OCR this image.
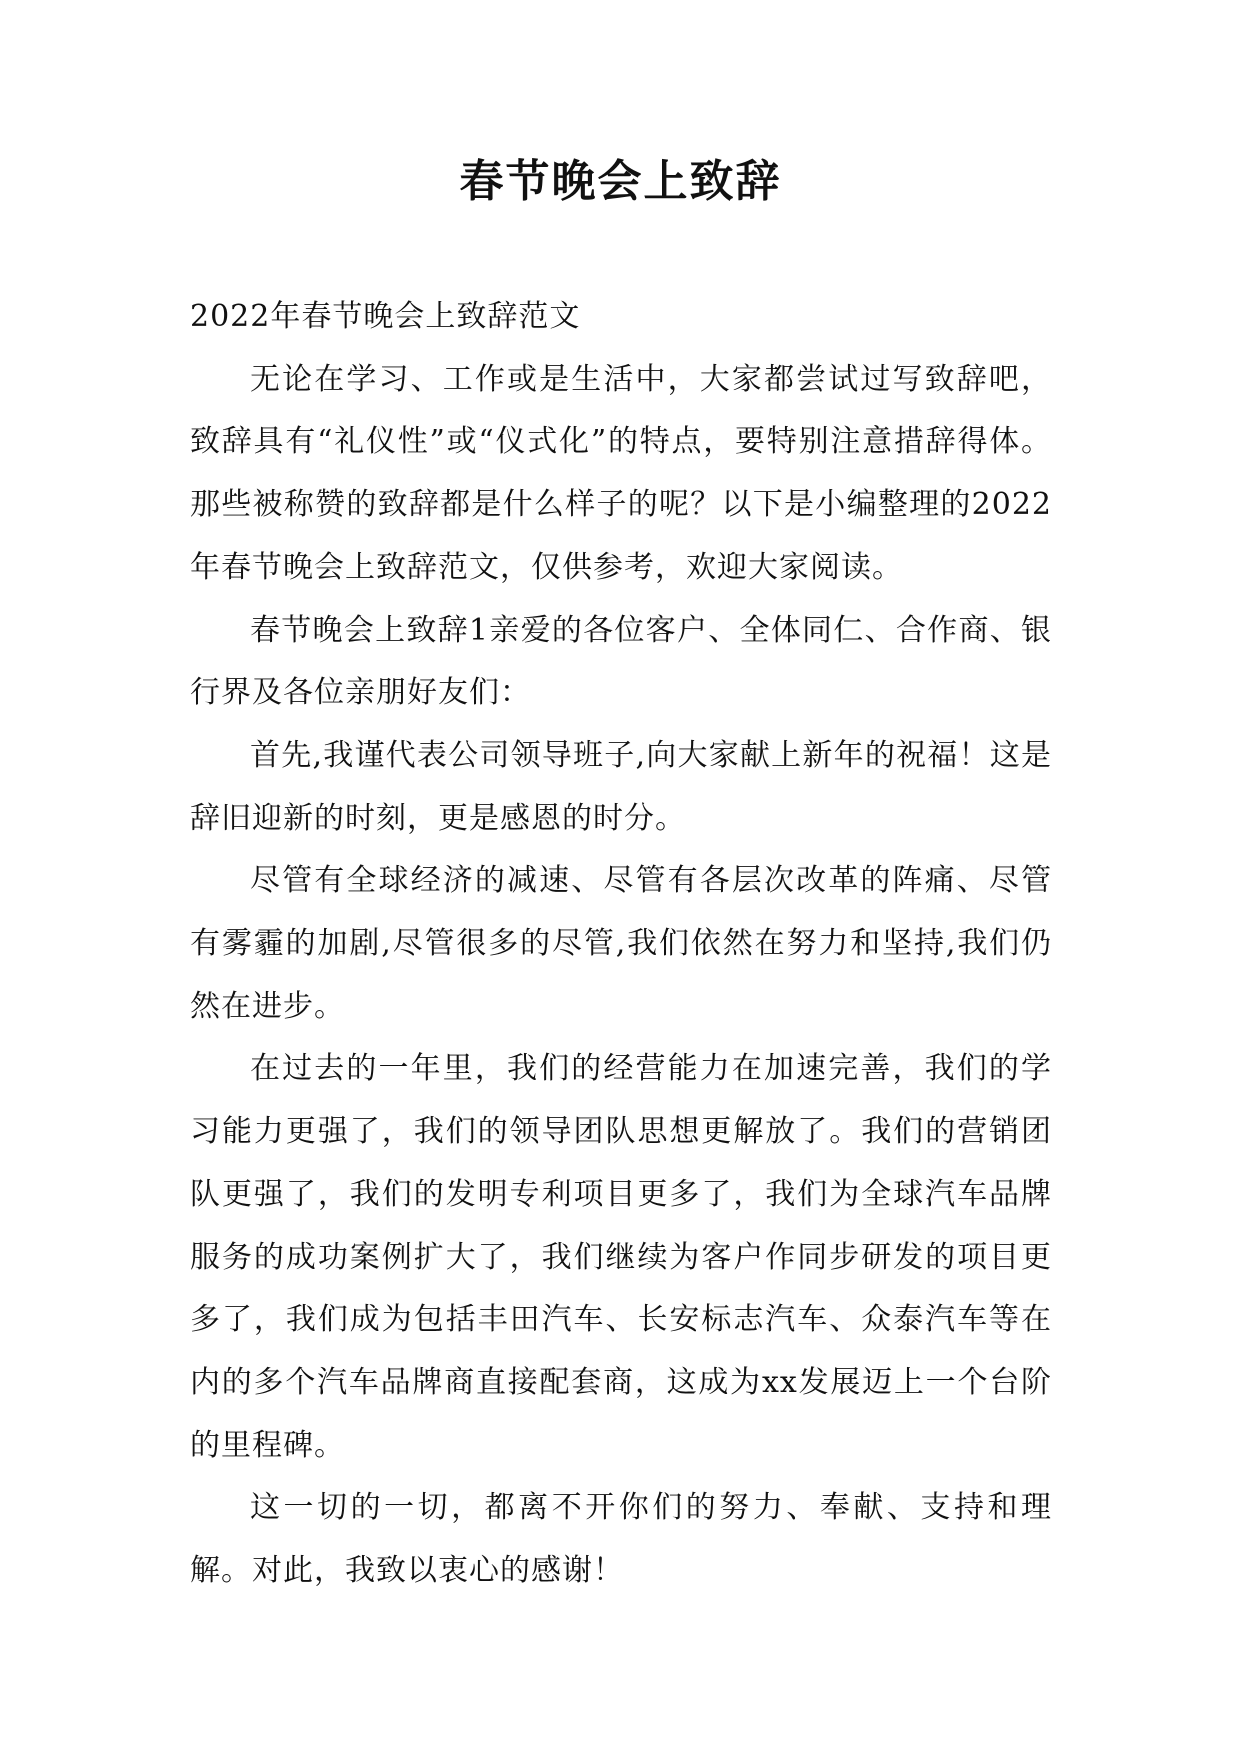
春节晚会上致辞

2022年春节晚会上致辞范文

无论在学习、工作或是生活中，大家都尝试过写致辞吧，致辞具有“礼仪性”或“仪式化”的特点，要特别注意措辞得体。那些被称赞的致辞都是什么样子的呢？以下是小编整理的2022年春节晚会上致辞范文，仅供参考，欢迎大家阅读。

春节晚会上致辞1亲爱的各位客户、全体同仁、合作商、银行界及各位亲朋好友们：

首先,我谨代表公司领导班子,向大家献上新年的祝福！这是辞旧迎新的时刻，更是感恩的时分。

尽管有全球经济的减速、尽管有各层次改革的阵痛、尽管有雾霾的加剧,尽管很多的尽管,我们依然在努力和坚持,我们仍然在进步。

在过去的一年里，我们的经营能力在加速完善，我们的学习能力更强了，我们的领导团队思想更解放了。我们的营销团队更强了，我们的发明专利项目更多了，我们为全球汽车品牌服务的成功案例扩大了，我们继续为客户作同步研发的项目更多了，我们成为包括丰田汽车、长安标志汽车、众泰汽车等在内的多个汽车品牌商直接配套商，这成为xx发展迈上一个台阶的里程碑。

这一切的一切，都离不开你们的努力、奉献、支持和理解。对此，我致以衷心的感谢！
